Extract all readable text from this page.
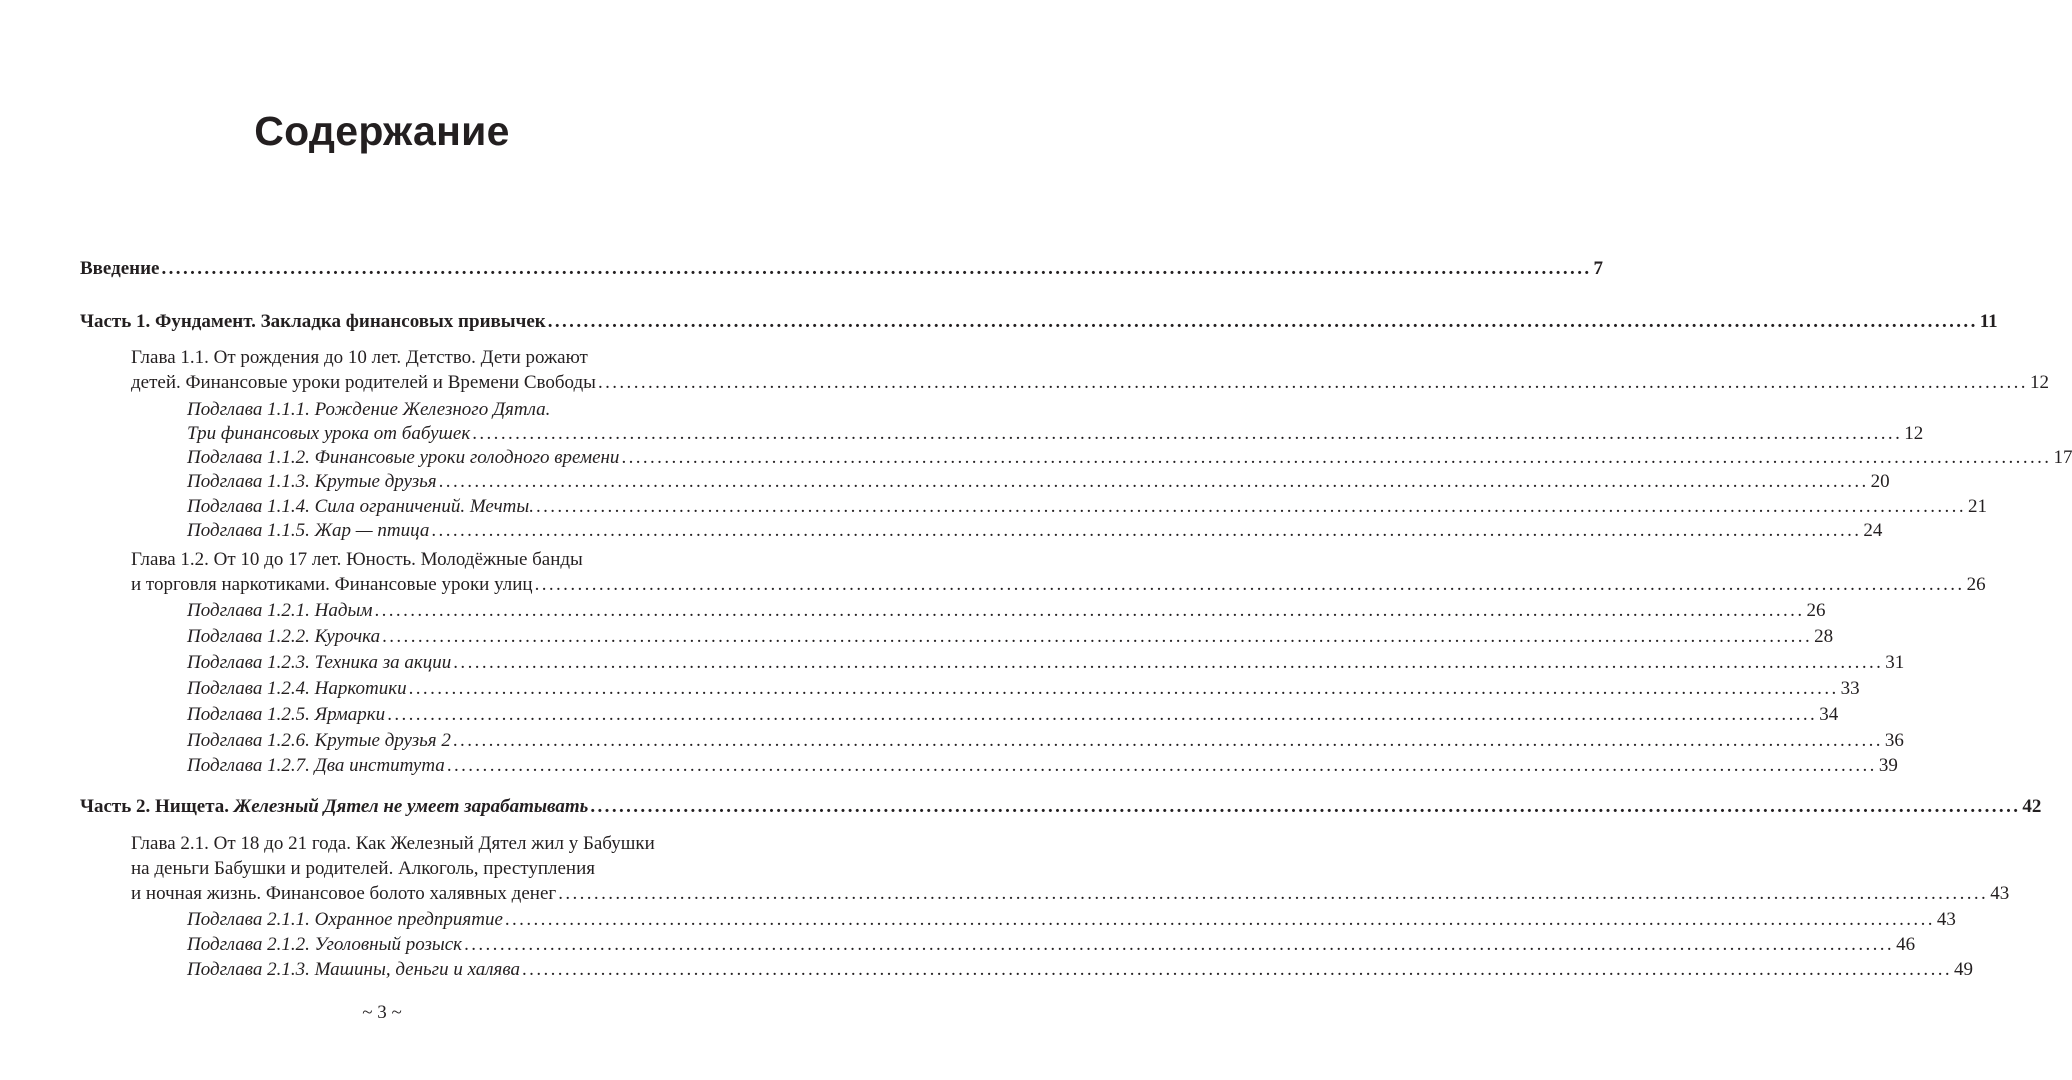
Содержание
Введение ........................................................................................................................................................................................................ 7
Часть 1. Фундамент. Закладка финансовых привычек ........................................................................................................................................................................................................ 11
Глава 1.1. От рождения до 10 лет. Детство. Дети рожают
детей. Финансовые уроки родителей и Времени Свободы ........................................................................................................................................................................................................ 12
Подглава 1.1.1. Рождение Железного Дятла.
Три финансовых урока от бабушек ........................................................................................................................................................................................................ 12
Подглава 1.1.2. Финансовые уроки голодного времени ........................................................................................................................................................................................................ 17
Подглава 1.1.3. Крутые друзья ........................................................................................................................................................................................................ 20
Подглава 1.1.4. Сила ограничений. Мечты. ........................................................................................................................................................................................................ 21
Подглава 1.1.5. Жар — птица ........................................................................................................................................................................................................ 24
Глава 1.2. От 10 до 17 лет. Юность. Молодёжные банды
и торговля наркотиками. Финансовые уроки улиц ........................................................................................................................................................................................................ 26
Подглава 1.2.1. Надым ........................................................................................................................................................................................................ 26
Подглава 1.2.2. Курочка ........................................................................................................................................................................................................ 28
Подглава 1.2.3. Техника за акции ........................................................................................................................................................................................................ 31
Подглава 1.2.4. Наркотики ........................................................................................................................................................................................................ 33
Подглава 1.2.5. Ярмарки ........................................................................................................................................................................................................ 34
Подглава 1.2.6. Крутые друзья 2 ........................................................................................................................................................................................................ 36
Подглава 1.2.7. Два института ........................................................................................................................................................................................................ 39
Часть 2. Нищета. Железный Дятел не умеет зарабатывать ........................................................................................................................................................................................................ 42
Глава 2.1. От 18 до 21 года. Как Железный Дятел жил у Бабушки
на деньги Бабушки и родителей. Алкоголь, преступления
и ночная жизнь. Финансовое болото халявных денег ........................................................................................................................................................................................................ 43
Подглава 2.1.1. Охранное предприятие ........................................................................................................................................................................................................ 43
Подглава 2.1.2. Уголовный розыск ........................................................................................................................................................................................................ 46
Подглава 2.1.3. Машины, деньги и халява ........................................................................................................................................................................................................ 49
~ 3 ~
